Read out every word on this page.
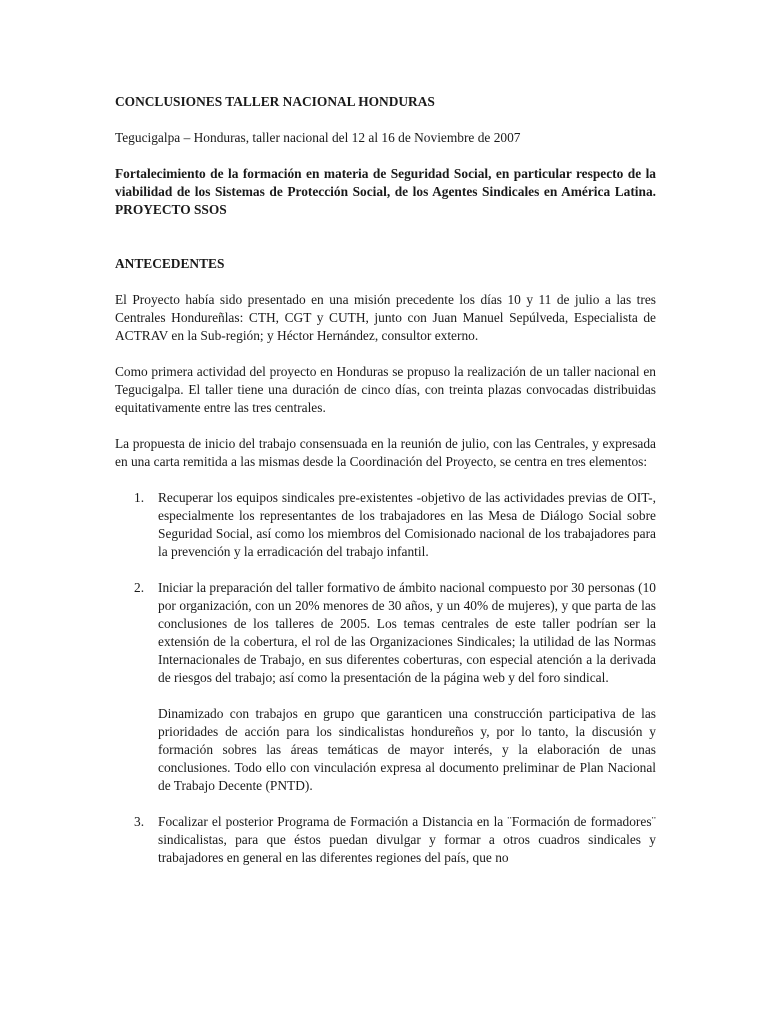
CONCLUSIONES TALLER NACIONAL HONDURAS

Tegucigalpa – Honduras, taller nacional del 12 al 16 de Noviembre de 2007

Fortalecimiento de la formación en materia de Seguridad Social, en particular respecto de la viabilidad de los Sistemas de Protección Social, de los Agentes Sindicales en América Latina. PROYECTO SSOS

ANTECEDENTES

El Proyecto había sido presentado en una misión precedente los días 10 y 11 de julio a las tres Centrales Hondureñlas: CTH, CGT y CUTH, junto con Juan Manuel Sepúlveda, Especialista de ACTRAV en la Sub-región; y Héctor Hernández, consultor externo.

Como primera actividad del proyecto en Honduras se propuso la realización de un taller nacional en Tegucigalpa. El taller tiene una duración de cinco días, con treinta plazas convocadas distribuidas equitativamente entre las tres centrales.

La propuesta de inicio del trabajo consensuada en la reunión de julio, con las Centrales, y expresada en una carta remitida a las mismas desde la Coordinación del Proyecto, se centra en tres elementos:

1. Recuperar los equipos sindicales pre-existentes -objetivo de las actividades previas de OIT-, especialmente los representantes de los trabajadores en las Mesa de Diálogo Social sobre Seguridad Social, así como los miembros del Comisionado nacional de los trabajadores para la prevención y la erradicación del trabajo infantil.

2. Iniciar la preparación del taller formativo de ámbito nacional compuesto por 30 personas (10 por organización, con un 20% menores de 30 años, y un 40% de mujeres), y que parta de las conclusiones de los talleres de 2005. Los temas centrales de este taller podrían ser la extensión de la cobertura, el rol de las Organizaciones Sindicales; la utilidad de las Normas Internacionales de Trabajo, en sus diferentes coberturas, con especial atención a la derivada de riesgos del trabajo; así como la presentación de la página web y del foro sindical.

Dinamizado con trabajos en grupo que garanticen una construcción participativa de las prioridades de acción para los sindicalistas hondureños y, por lo tanto, la discusión y formación sobres las áreas temáticas de mayor interés, y la elaboración de unas conclusiones. Todo ello con vinculación expresa al documento preliminar de Plan Nacional de Trabajo Decente (PNTD).

3. Focalizar el posterior Programa de Formación a Distancia en la ¨Formación de formadores¨ sindicalistas, para que éstos puedan divulgar y formar a otros cuadros sindicales y trabajadores en general en las diferentes regiones del país, que no
